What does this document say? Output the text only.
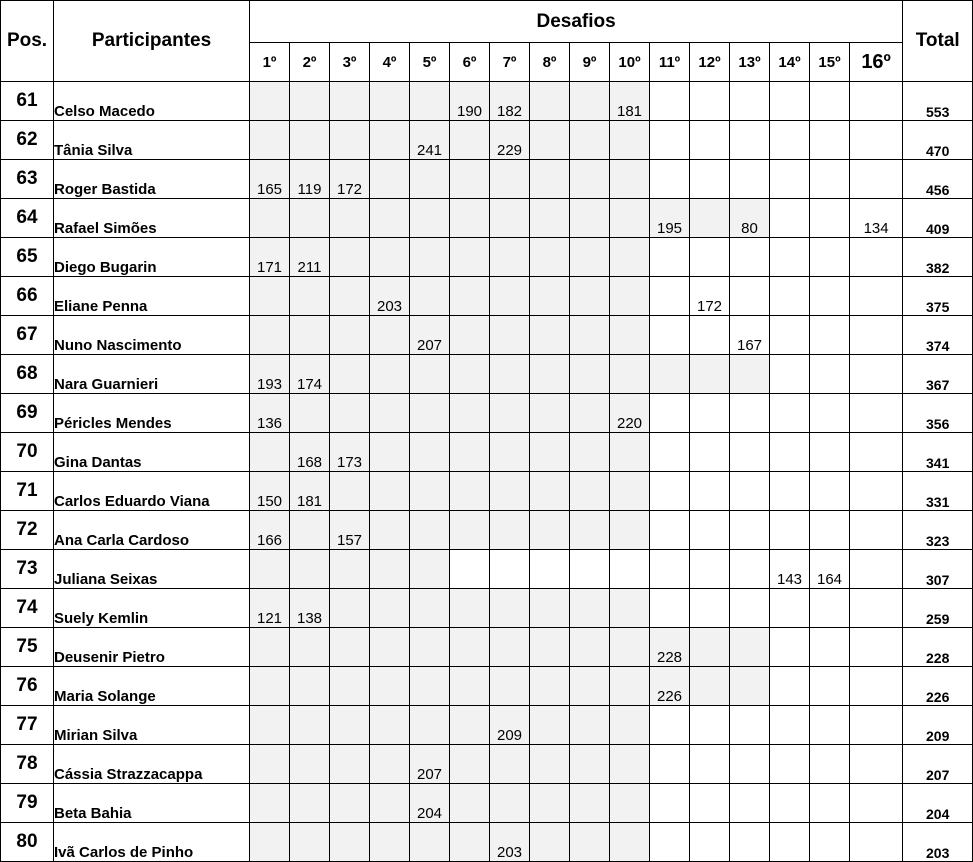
Pos.	Participantes	Desafios																Total
		1º	2º	3º	4º	5º	6º	7º	8º	9º	10º	11º	12º	13º	14º	15º	16º	
61	Celso Macedo						190	182			181							553
62	Tânia Silva					241		229										470
63	Roger Bastida	165	119	172														456
64	Rafael Simões											195		80			134	409
65	Diego Bugarin	171	211															382
66	Eliane Penna				203								172					375
67	Nuno Nascimento					207								167				374
68	Nara Guarnieri	193	174															367
69	Péricles Mendes	136									220							356
70	Gina Dantas		168	173														341
71	Carlos Eduardo Viana	150	181															331
72	Ana Carla Cardoso	166		157														323
73	Juliana Seixas														143	164		307
74	Suely Kemlin	121	138															259
75	Deusenir Pietro											228						228
76	Maria Solange											226						226
77	Mirian Silva							209										209
78	Cássia Strazzacappa					207												207
79	Beta Bahia					204												204
80	Ivã Carlos de Pinho							203										203
